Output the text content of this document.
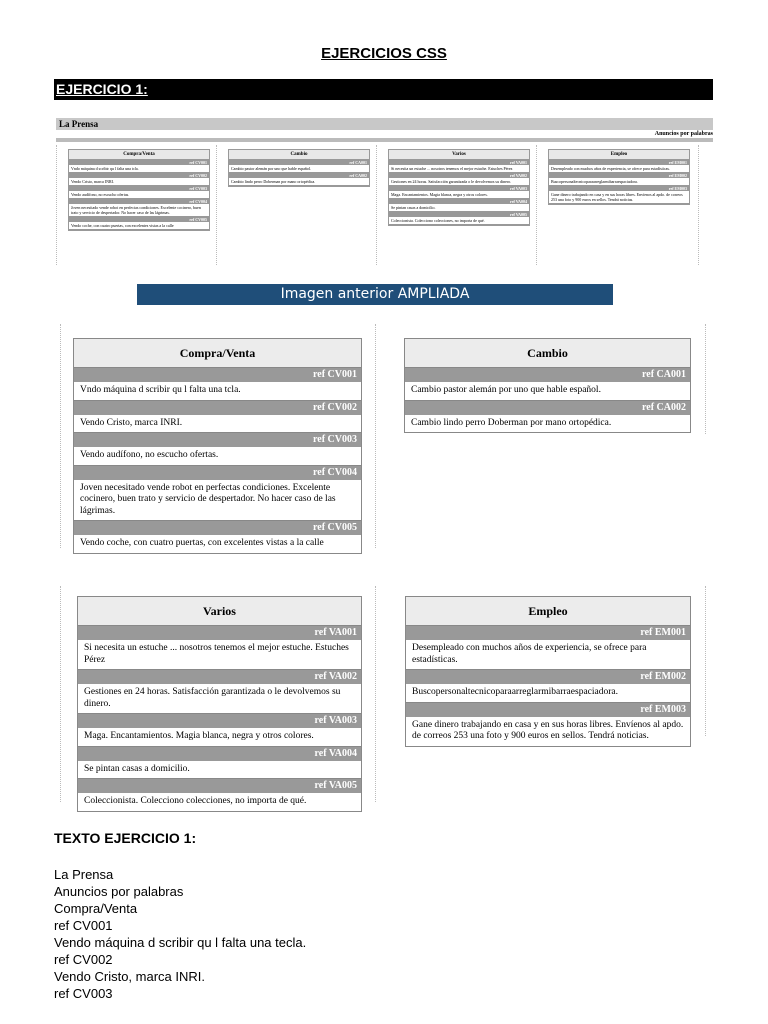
EJERCICIOS CSS
EJERCICIO 1:
La Prensa
Anuncios por palabras
Compra/Venta
ref CV001
Vndo máquina d scribir qu l falta una tcla.
ref CV002
Vendo Cristo, marca INRI.
ref CV003
Vendo audífono, no escucho ofertas.
ref CV004
Joven necesitado vende robot en perfectas condiciones. Excelente cocinero, buen trato y servicio de despertador. No hacer caso de las lágrimas.
ref CV005
Vendo coche, con cuatro puertas, con excelentes vistas a la calle
Cambio
ref CA001
Cambio pastor alemán por uno que hable español.
ref CA002
Cambio lindo perro Doberman por mano ortopédica.
Varios
ref VA001
Si necesita un estuche ... nosotros tenemos el mejor estuche. Estuches Pérez
ref VA002
Gestiones en 24 horas. Satisfacción garantizada o le devolvemos su dinero.
ref VA003
Maga. Encantamientos. Magia blanca, negra y otros colores.
ref VA004
Se pintan casas a domicilio.
ref VA005
Coleccionista. Colecciono colecciones, no importa de qué.
Empleo
ref EM001
Desempleado con muchos años de experiencia, se ofrece para estadísticas.
ref EM002
Buscopersonaltecnicoparaarreglarmibarraespaciadora.
ref EM003
Gane dinero trabajando en casa y en sus horas libres. Envíenos al apdo. de correos 253 una foto y 900 euros en sellos. Tendrá noticias.
Imagen anterior AMPLIADA
Compra/Venta
ref CV001
Vndo máquina d scribir qu l falta una tcla.
ref CV002
Vendo Cristo, marca INRI.
ref CV003
Vendo audífono, no escucho ofertas.
ref CV004
Joven necesitado vende robot en perfectas condiciones. Excelente cocinero, buen trato y servicio de despertador. No hacer caso de las lágrimas.
ref CV005
Vendo coche, con cuatro puertas, con excelentes vistas a la calle
Cambio
ref CA001
Cambio pastor alemán por uno que hable español.
ref CA002
Cambio lindo perro Doberman por mano ortopédica.
Varios
ref VA001
Si necesita un estuche ... nosotros tenemos el mejor estuche. Estuches Pérez
ref VA002
Gestiones en 24 horas. Satisfacción garantizada o le devolvemos su dinero.
ref VA003
Maga. Encantamientos. Magia blanca, negra y otros colores.
ref VA004
Se pintan casas a domicilio.
ref VA005
Coleccionista. Colecciono colecciones, no importa de qué.
Empleo
ref EM001
Desempleado con muchos años de experiencia, se ofrece para estadísticas.
ref EM002
Buscopersonaltecnicoparaarreglarmibarraespaciadora.
ref EM003
Gane dinero trabajando en casa y en sus horas libres. Envíenos al apdo. de correos 253 una foto y 900 euros en sellos. Tendrá noticias.
TEXTO EJERCICIO 1:
La Prensa
Anuncios por palabras
Compra/Venta
ref CV001
Vendo máquina d scribir qu l falta una tecla.
ref CV002
Vendo Cristo, marca INRI.
ref CV003
